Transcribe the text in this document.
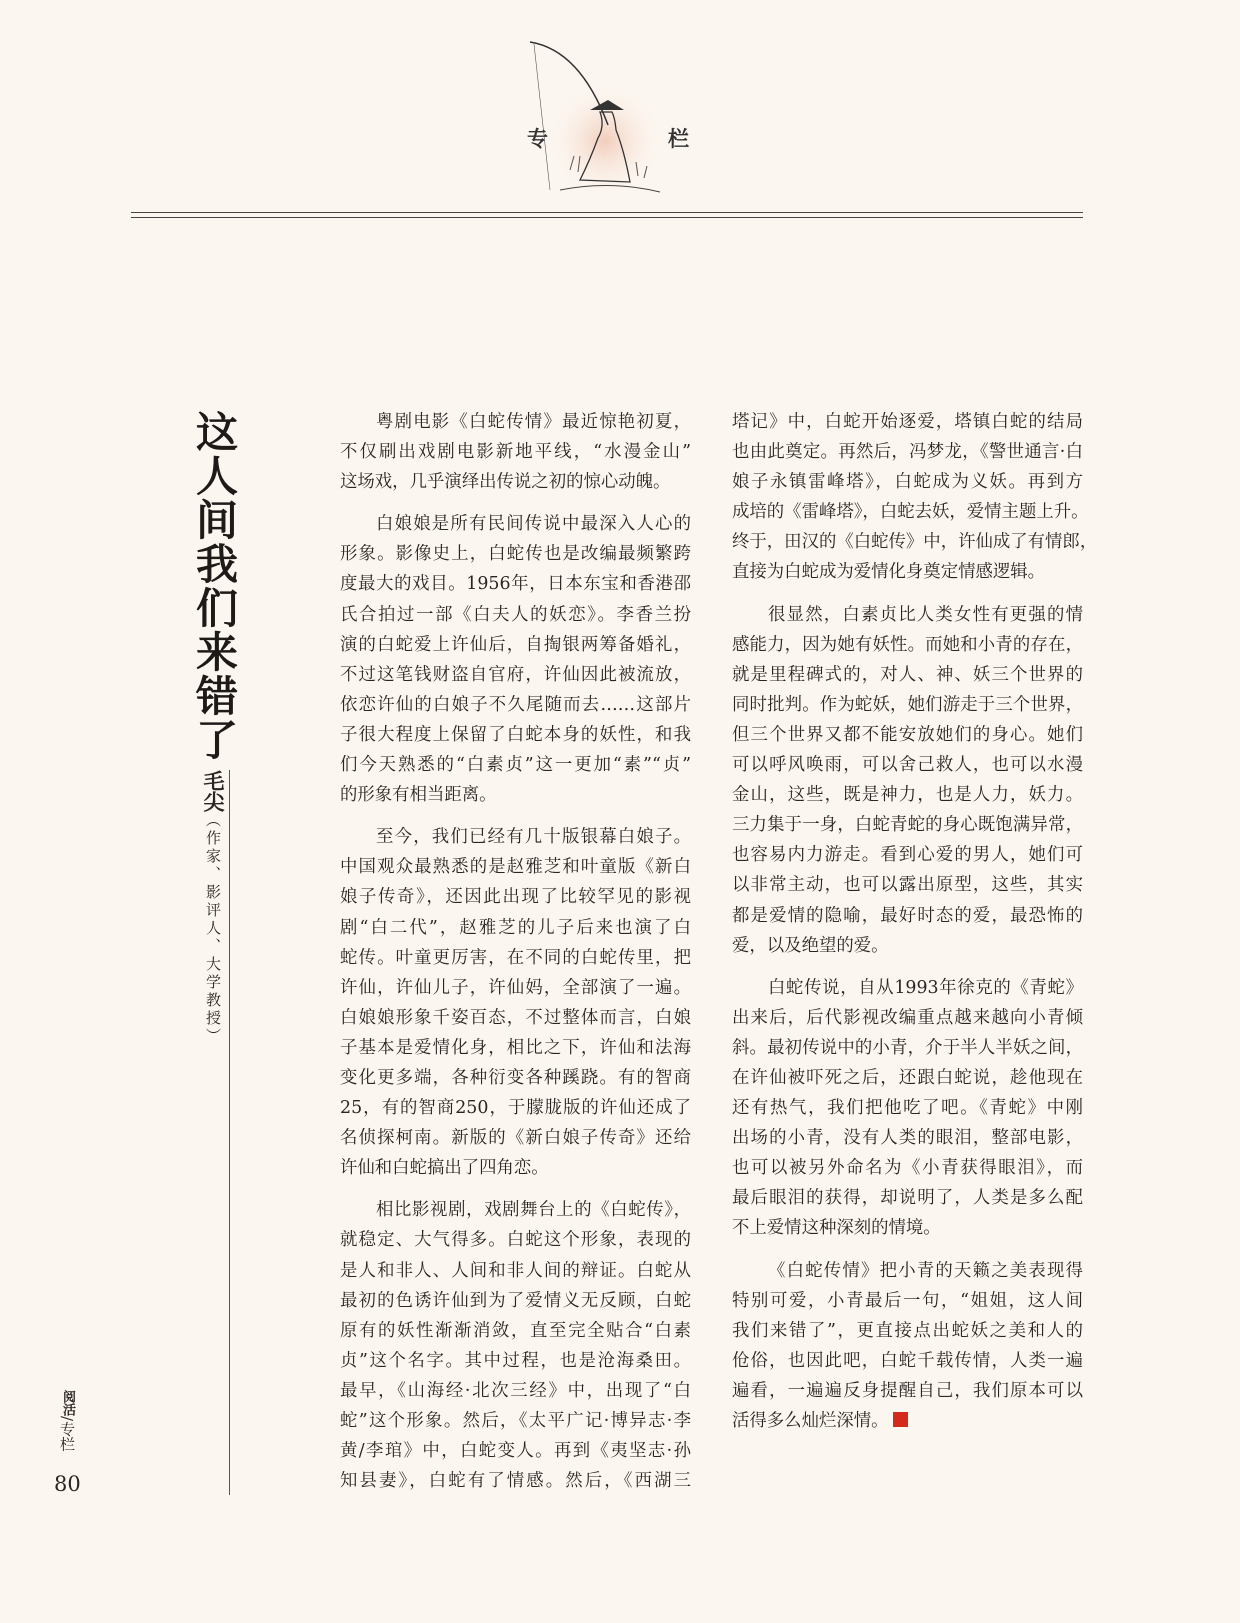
专	栏
这人间我们来错了
毛尖（作家、影评人、大学教授）
粤剧电影《白蛇传情》最近惊艳初夏，
不仅刷出戏剧电影新地平线，“水漫金山”
这场戏，几乎演绎出传说之初的惊心动魄。
白娘娘是所有民间传说中最深入人心的
形象。影像史上，白蛇传也是改编最频繁跨
度最大的戏目。1956年，日本东宝和香港邵
氏合拍过一部《白夫人的妖恋》。李香兰扮
演的白蛇爱上许仙后，自掏银两筹备婚礼，
不过这笔钱财盗自官府，许仙因此被流放，
依恋许仙的白娘子不久尾随而去……这部片
子很大程度上保留了白蛇本身的妖性，和我
们今天熟悉的“白素贞”这一更加“素”“贞”
的形象有相当距离。
至今，我们已经有几十版银幕白娘子。
中国观众最熟悉的是赵雅芝和叶童版《新白
娘子传奇》，还因此出现了比较罕见的影视
剧“白二代”，赵雅芝的儿子后来也演了白
蛇传。叶童更厉害，在不同的白蛇传里，把
许仙，许仙儿子，许仙妈，全部演了一遍。
白娘娘形象千姿百态，不过整体而言，白娘
子基本是爱情化身，相比之下，许仙和法海
变化更多端，各种衍变各种蹊跷。有的智商
25，有的智商250，于朦胧版的许仙还成了
名侦探柯南。新版的《新白娘子传奇》还给
许仙和白蛇搞出了四角恋。
相比影视剧，戏剧舞台上的《白蛇传》，
就稳定、大气得多。白蛇这个形象，表现的
是人和非人、人间和非人间的辩证。白蛇从
最初的色诱许仙到为了爱情义无反顾，白蛇
原有的妖性渐渐消敛，直至完全贴合“白素
贞”这个名字。其中过程，也是沧海桑田。
最早，《山海经·北次三经》中，出现了“白
蛇”这个形象。然后，《太平广记·博异志·李
黄/李琯》中，白蛇变人。再到《夷坚志·孙
知县妻》，白蛇有了情感。然后，《西湖三
塔记》中，白蛇开始逐爱，塔镇白蛇的结局
也由此奠定。再然后，冯梦龙，《警世通言·白
娘子永镇雷峰塔》，白蛇成为义妖。再到方
成培的《雷峰塔》，白蛇去妖，爱情主题上升。
终于，田汉的《白蛇传》中，许仙成了有情郎，
直接为白蛇成为爱情化身奠定情感逻辑。
很显然，白素贞比人类女性有更强的情
感能力，因为她有妖性。而她和小青的存在，
就是里程碑式的，对人、神、妖三个世界的
同时批判。作为蛇妖，她们游走于三个世界，
但三个世界又都不能安放她们的身心。她们
可以呼风唤雨，可以舍己救人，也可以水漫
金山，这些，既是神力，也是人力，妖力。
三力集于一身，白蛇青蛇的身心既饱满异常，
也容易内力游走。看到心爱的男人，她们可
以非常主动，也可以露出原型，这些，其实
都是爱情的隐喻，最好时态的爱，最恐怖的
爱，以及绝望的爱。
白蛇传说，自从1993年徐克的《青蛇》
出来后，后代影视改编重点越来越向小青倾
斜。最初传说中的小青，介于半人半妖之间，
在许仙被吓死之后，还跟白蛇说，趁他现在
还有热气，我们把他吃了吧。《青蛇》中刚
出场的小青，没有人类的眼泪，整部电影，
也可以被另外命名为《小青获得眼泪》，而
最后眼泪的获得，却说明了，人类是多么配
不上爱情这种深刻的情境。
《白蛇传情》把小青的天籁之美表现得
特别可爱，小青最后一句，“姐姐，这人间
我们来错了”，更直接点出蛇妖之美和人的
伧俗，也因此吧，白蛇千载传情，人类一遍
遍看，一遍遍反身提醒自己，我们原本可以
活得多么灿烂深情。
阅活/专栏
80
